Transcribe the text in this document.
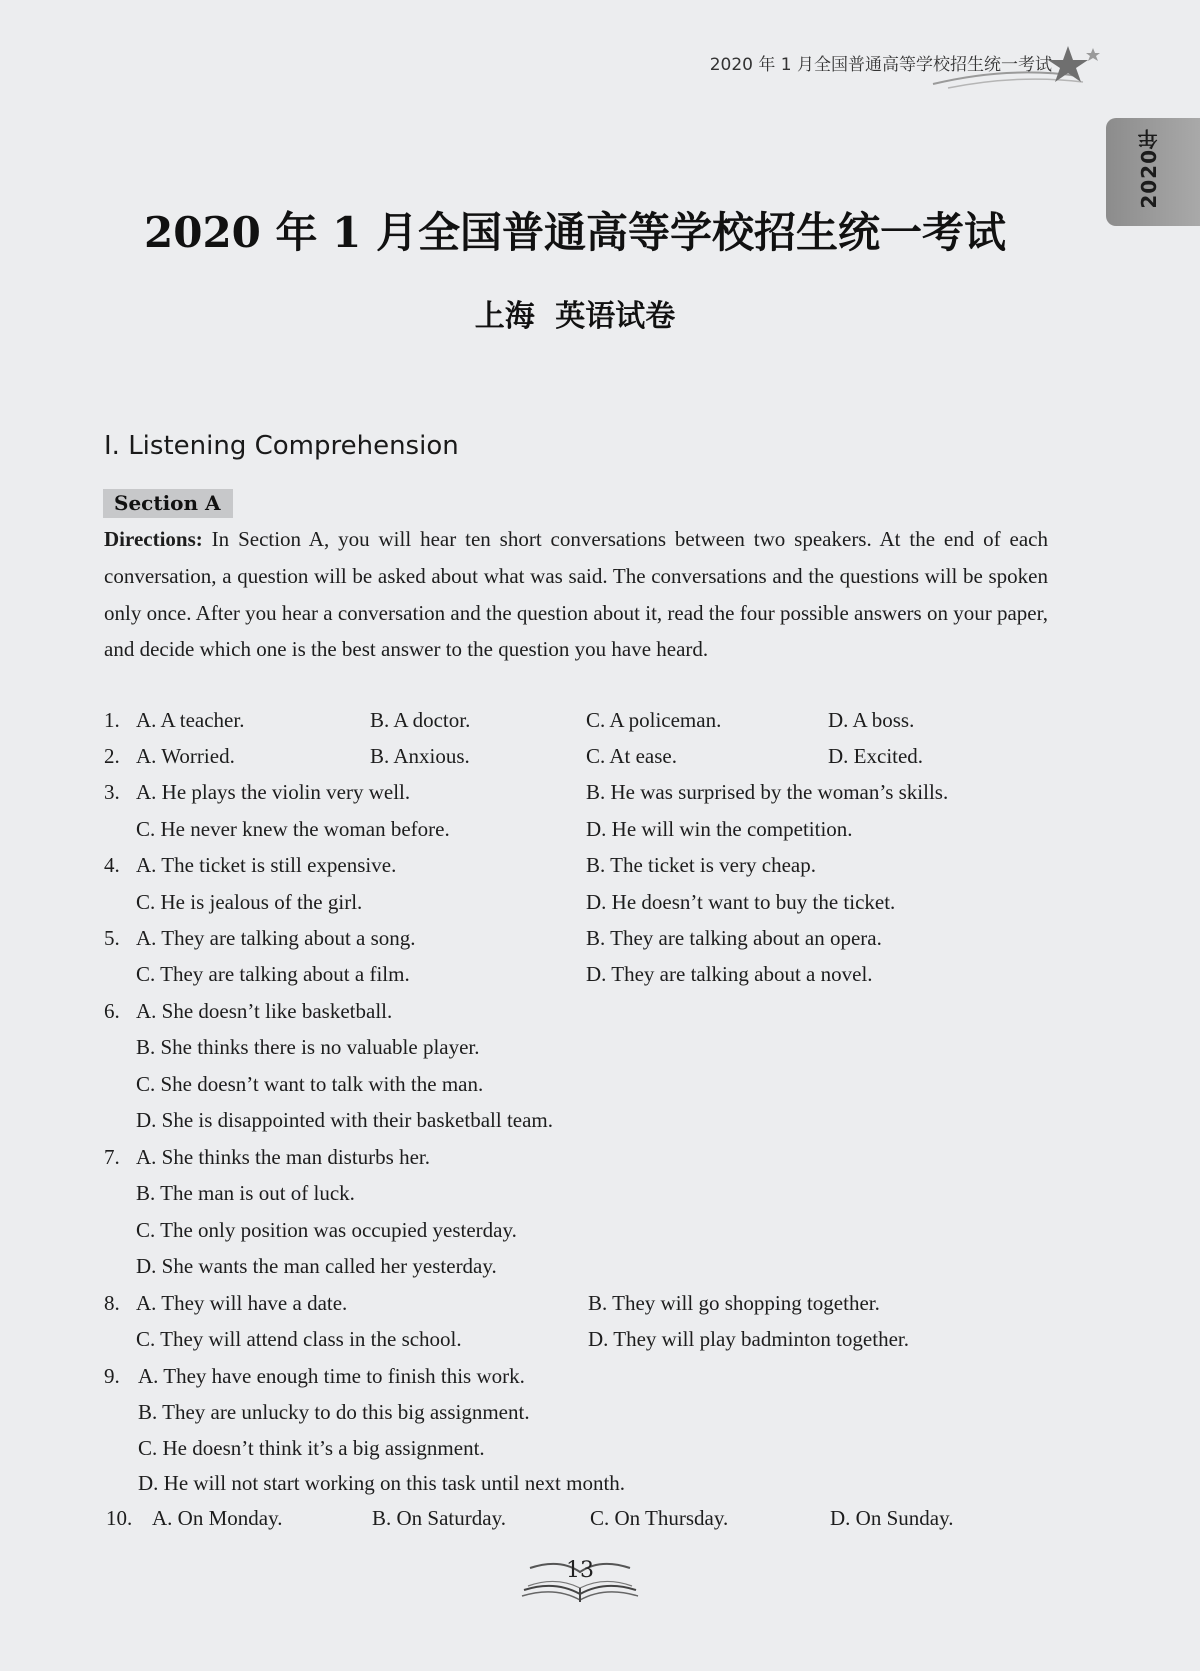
2020 年 1 月全国普通高等学校招生统一考试
2020年
2020 年 1 月全国普通高等学校招生统一考试
上海 英语试卷
I. Listening Comprehension
Section A
Directions: In Section A, you will hear ten short conversations between two speakers. At the end of each conversation, a question will be asked about what was said. The conversations and the questions will be spoken only once. After you hear a conversation and the question about it, read the four possible answers on your paper, and decide which one is the best answer to the question you have heard.
1. A. A teacher.	B. A doctor.	C. A policeman.	D. A boss.
2. A. Worried.	B. Anxious.	C. At ease.	D. Excited.
3. A. He plays the violin very well.	B. He was surprised by the woman’s skills.
C. He never knew the woman before.	D. He will win the competition.
4. A. The ticket is still expensive.	B. The ticket is very cheap.
C. He is jealous of the girl.	D. He doesn’t want to buy the ticket.
5. A. They are talking about a song.	B. They are talking about an opera.
C. They are talking about a film.	D. They are talking about a novel.
6. A. She doesn’t like basketball.
B. She thinks there is no valuable player.
C. She doesn’t want to talk with the man.
D. She is disappointed with their basketball team.
7. A. She thinks the man disturbs her.
B. The man is out of luck.
C. The only position was occupied yesterday.
D. She wants the man called her yesterday.
8. A. They will have a date.	B. They will go shopping together.
C. They will attend class in the school.	D. They will play badminton together.
9. A. They have enough time to finish this work.
B. They are unlucky to do this big assignment.
C. He doesn’t think it’s a big assignment.
D. He will not start working on this task until next month.
10. A. On Monday.	B. On Saturday.	C. On Thursday.	D. On Sunday.
13
